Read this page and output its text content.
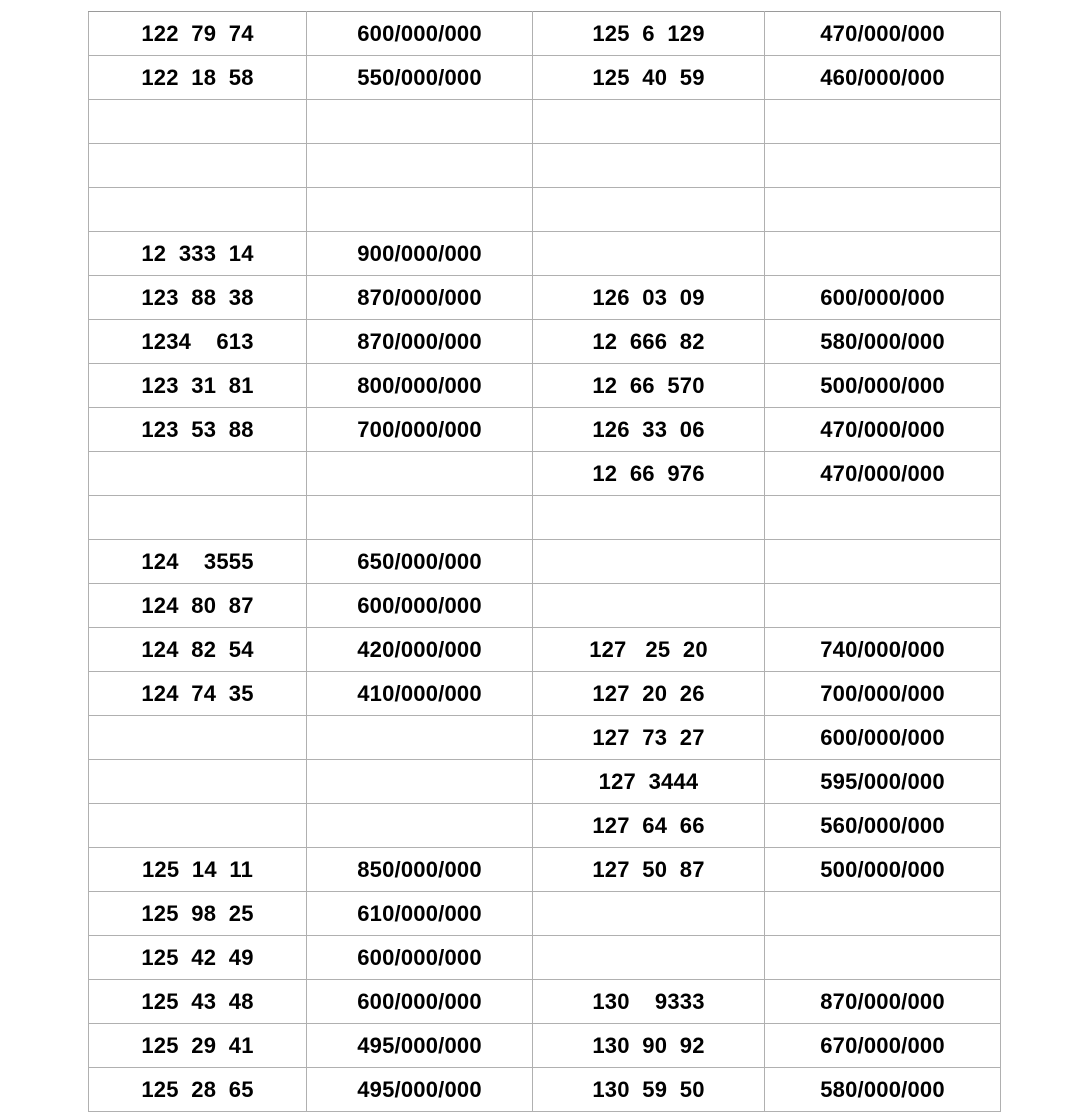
122  79  74	600/000/000	125  6  129	470/000/000
122  18  58	550/000/000	125  40  59	460/000/000

12  333  14	900/000/000		
123  88  38	870/000/000	126  03  09	600/000/000
1234    613	870/000/000	12  666  82	580/000/000
123  31  81	800/000/000	12  66  570	500/000/000
123  53  88	700/000/000	126  33  06	470/000/000
		12  66  976	470/000/000

124    3555	650/000/000		
124  80  87	600/000/000		
124  82  54	420/000/000	127   25  20	740/000/000
124  74  35	410/000/000	127  20  26	700/000/000
		127  73  27	600/000/000
		127  3444	595/000/000
		127  64  66	560/000/000
125  14  11	850/000/000	127  50  87	500/000/000
125  98  25	610/000/000		
125  42  49	600/000/000		
125  43  48	600/000/000	130    9333	870/000/000
125  29  41	495/000/000	130  90  92	670/000/000
125  28  65	495/000/000	130  59  50	580/000/000
